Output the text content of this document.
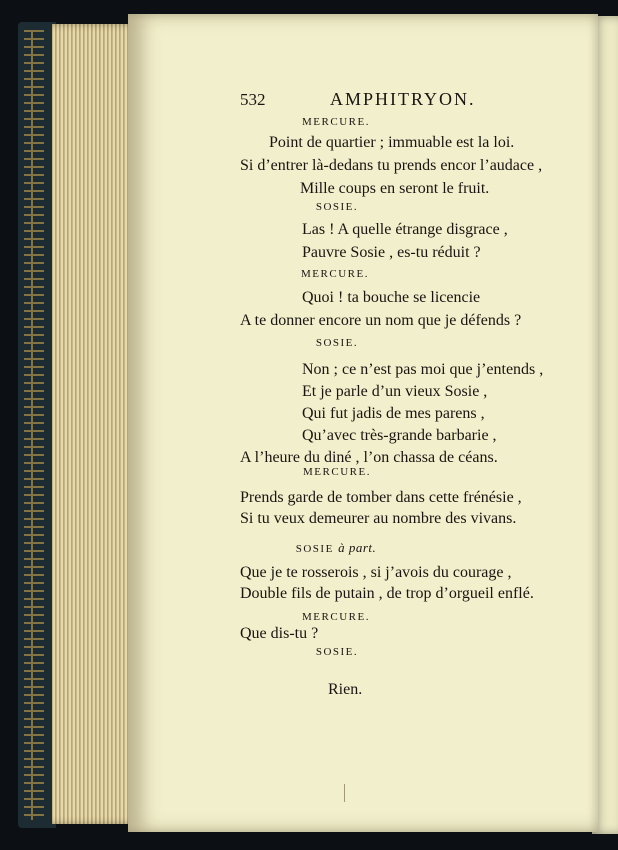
532	AMPHITRYON.
MERCURE.
Point de quartier ; immuable est la loi.
Si d’entrer là-dedans tu prends encor l’audace ,
Mille coups en seront le fruit.
SOSIE.
Las ! A quelle étrange disgrace ,
Pauvre Sosie , es-tu réduit ?
MERCURE.
Quoi ! ta bouche se licencie
A te donner encore un nom que je défends ?
SOSIE.
Non ; ce n’est pas moi que j’entends ,
Et je parle d’un vieux Sosie ,
Qui fut jadis de mes parens ,
Qu’avec très-grande barbarie ,
A l’heure du diné , l’on chassa de céans.
MERCURE.
Prends garde de tomber dans cette frénésie ,
Si tu veux demeurer au nombre des vivans.
SOSIE à part.
Que je te rosserois , si j’avois du courage ,
Double fils de putain , de trop d’orgueil enflé.
MERCURE.
Que dis-tu ?
SOSIE.
Rien.
